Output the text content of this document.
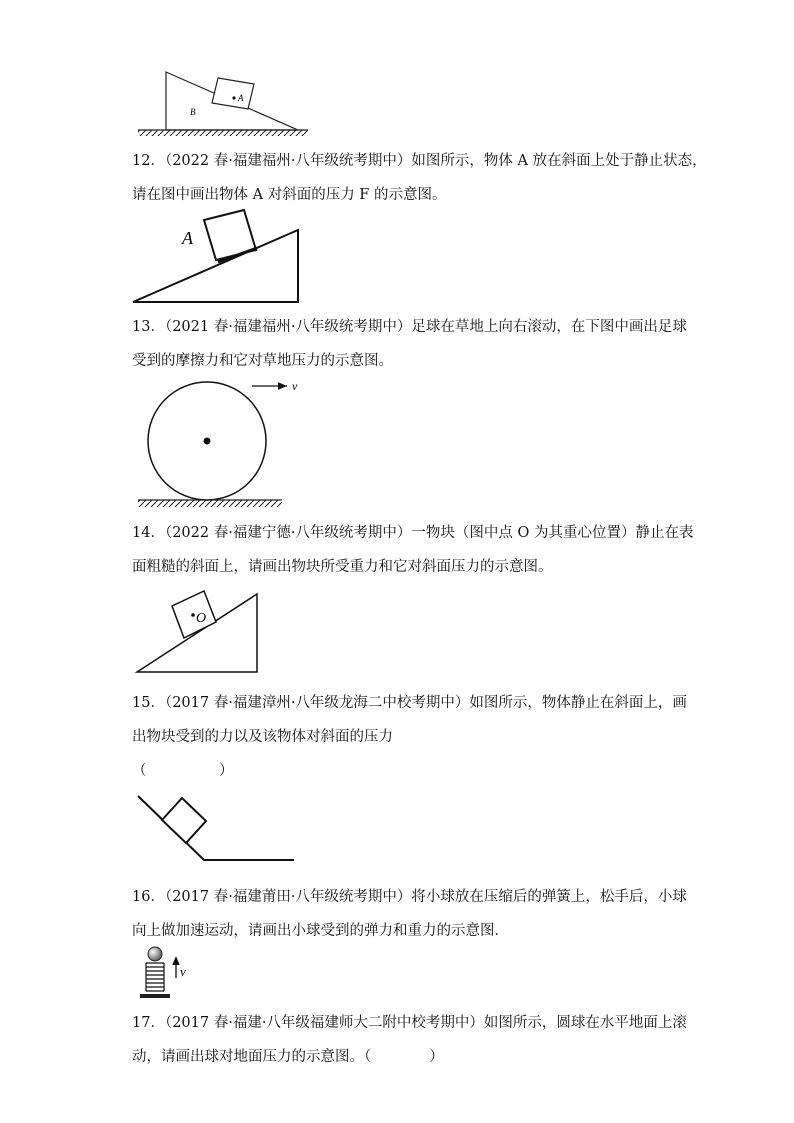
A
B

12．（2022 春·福建福州·八年级统考期中）如图所示，物体 A 放在斜面上处于静止状态，

请在图中画出物体 A 对斜面的压力 F 的示意图。

A

13．（2021 春·福建福州·八年级统考期中）足球在草地上向右滚动，在下图中画出足球

受到的摩擦力和它对草地压力的示意图。

v

14．（2022 春·福建宁德·八年级统考期中）一物块（图中点 O 为其重心位置）静止在表

面粗糙的斜面上，请画出物块所受重力和它对斜面压力的示意图。

O

15．（2017 春·福建漳州·八年级龙海二中校考期中）如图所示，物体静止在斜面上，画

出物块受到的力以及该物体对斜面的压力

（　　　　　）

16．（2017 春·福建莆田·八年级统考期中）将小球放在压缩后的弹簧上，松手后，小球

向上做加速运动，请画出小球受到的弹力和重力的示意图．

v

17．（2017 春·福建·八年级福建师大二附中校考期中）如图所示，圆球在水平地面上滚

动，请画出球对地面压力的示意图。（　　　　）
